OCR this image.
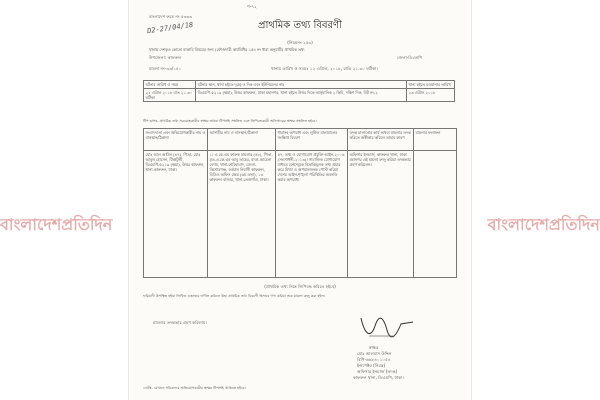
বাংলাদেশপ্রতিদিন	বাংলাদেশপ্রতিদিন
প-৭২
বাংলাদেশ ফরম নং ৫৩৩৩
D2-27/04/18	প্রাথমিক তথ্য বিবরণী
(নিয়মনং ২৫৩)
থানায় দেশকৃত কোনো মাকাবি বিষয়ের জন্য (ফৌজদারী কার্যবিধির ১৫৪ নং ধারা অনুযায়ী) প্রাথমিক তথ্য
উপজেলা: কাফরুল	জেলা-ডিএমপি
মামলা নং-৩৩/১৪০	থানায় তারিখ ও সময়ঃ ১২ এপ্রিল, ২০১৮, রাত্রি ২১.৩০ ঘটিকা।
ঘটনার তারিখ ও সময়	ঘটনার স্থান, থানা হইতে দূরত্ব ও দিক এবং ইউনিয়নের নাম	থানা হইতে রওয়ানার তারিখ
২২ এপ্রিল ২০১৮ রাত ২১.৩০ ঘটিকা	ডিএমপি-৫২১৯ (ক্ষমা), উত্তর কাফরুল, ঢাকা মহানগর, থানা হইতে উত্তর দিকে আনুমানিক ২ কিমি, দক্ষিণ দিক, বিট নং-২	২৩ এপ্রিল ২০১৮
টিপ ছাপঃ- প্রাথমিক তথ্য সরবরাহকারীর স্বাক্ষর অথবা টিপসহি সম্বলিত এবং লিপিবদ্ধকারী অফিসারের স্বাক্ষর সম্বলিত হইবে।
সংবাদদাতা এবং অভিযোগকারীর নাম ও বাসস্থান/ঠিকানা	আসামীর নাম ও বাসস্থান/ঠিকানা	ধারাসহ অপরাধ এবং লুণ্ঠিত মালামালের সংক্ষিপ্ত বিবরণ	তদন্ত চালানোর কার্য অথবা মামলার তদন্ত করিতে অস্বীকার করিলে তাহার কারণ	মামলার ফলাফল
মোঃ আল আমিন (৪৭), পিতা- মোঃ আবুল হোসেন, টিকাটুলী, ডিএমপি-৫২১৯ (ক্ষমা), উত্তর কাফরুল, থানা-কাফরুল, ঢাকা।	১। এ.কে.এম ফারুক মামলার (৪৮), পিতা- মৃত-এ.কে.এম আবু তাহের, মাতা-আমেনা বেগম, থানা-শেরিহাবাদ, জেলা-কিশোরগঞ্জ, বর্তমান নিবাসী কাফরুল, বিডিও অফিস ক্ষেত্র (৬ম তলা), ১৩ কাফরুল বাজার, থানা-তেজগাঁও, ঢাকা।	৫৭, তথ্য ও যোগাযোগ প্রযুক্তি আইন-২০০৬ (সংশোধনী-২০১৩)। সামাজিক যোগাযোগ মাধ্যমে ফেইসবুকে বিভ্রান্তিমূলক তথ্য প্রচার করে মিথ্যা ও অপমানজনক পোস্ট করিয়া দেশের আইন-শৃঙ্খলা পরিস্থিতির অবনতি করার অপরাধ।	অফিসার ইনচার্জ, কাফরুল থানা, ঢাকা মহানগর এই মামলা রুজু করিয়া তদন্তভার গ্রহণ করিলেন।	
(প্রাথমিক তথ্য নিম্নে লিপিবদ্ধ করিতে হইবে)
ফরিয়াদী উপস্থিত হইয়া লিখিত এজাহার দাখিল করিলে উহা প্রাথমিক তথ্য বিবরণী হিসাবে গণ্য করিয়া অত্র মামলা রুজু করা হইল।
মামলার তদন্তভার গ্রহণ করিলাম।
স্বাক্ষর
মোঃ আলমাস উদ্দিন
বিপি-৬৬৮৪০১০৫৪
ইন্সপেক্টর (নিরস্ত্র)
অফিসার ইনচার্জ (তদন্ত)
কাফরুল থানা, ডিএমপি, ঢাকা।
নোটঃ- যেখানে পরিবাদের অভিযোগকারীর স্বাক্ষর টিপসহি থাকিতে হইবে।
